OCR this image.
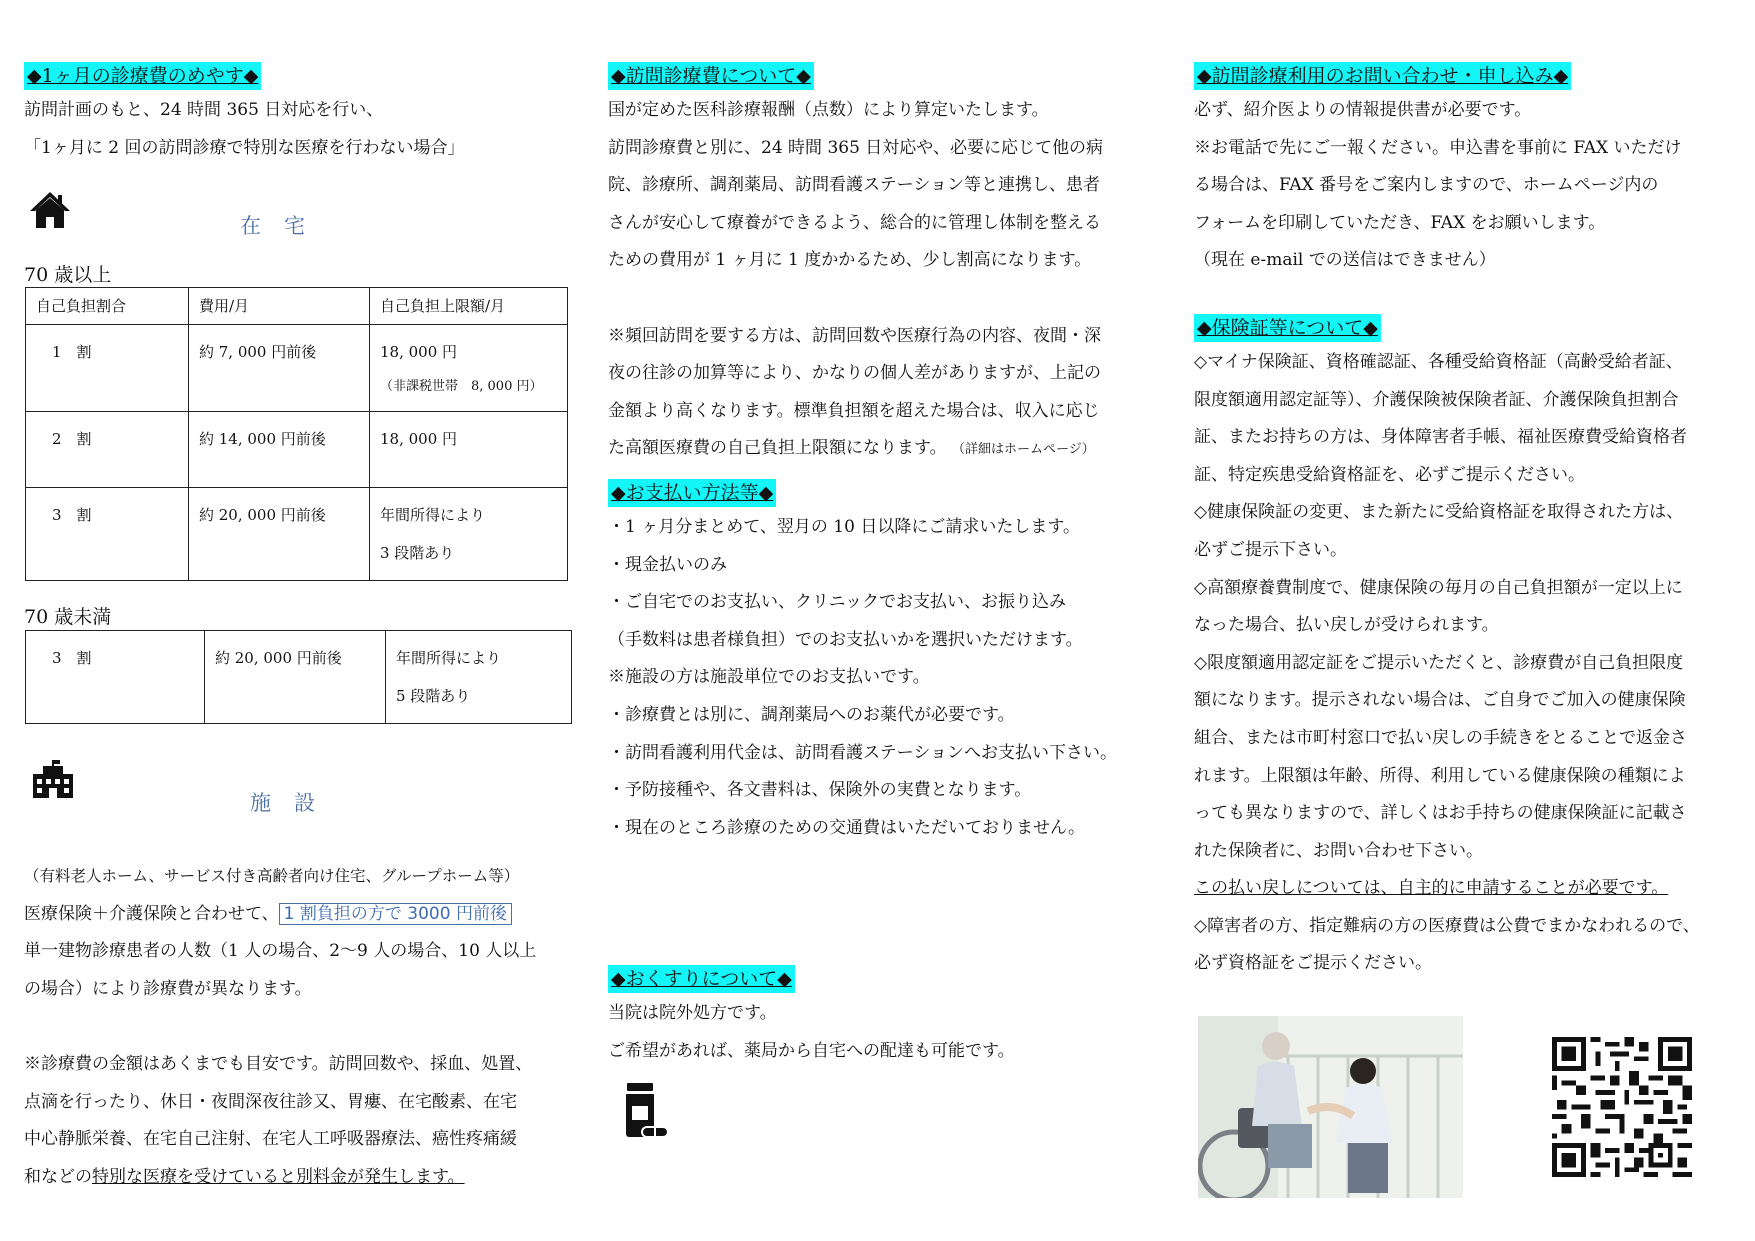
◆1ヶ月の診療費のめやす◆

訪問計画のもと、24 時間 365 日対応を行い、

「1ヶ月に 2 回の訪問診療で特別な医療を行わない場合」

在　宅
70 歳以上
自己負担割合	費用/月	自己負担上限額/月
1　割	約 7, 000 円前後	18, 000 円
（非課税世帯　8, 000 円）

2　割	約 14, 000 円前後	18, 000 円
3　割	約 20, 000 円前後	年間所得により
3 段階あり
70 歳未満
3　割	約 20, 000 円前後	年間所得により
5 段階あり
施　設

（有料老人ホーム、サービス付き高齢者向け住宅、グループホーム等）

医療保険＋介護保険と合わせて、 1 割負担の方で 3000 円前後

単一建物診療患者の人数（1 人の場合、2〜9 人の場合、10 人以上

の場合）により診療費が異なります。

※診療費の金額はあくまでも目安です。訪問回数や、採血、処置、

点滴を行ったり、休日・夜間深夜往診又、胃瘻、在宅酸素、在宅

中心静脈栄養、在宅自己注射、在宅人工呼吸器療法、癌性疼痛緩

和などの特別な医療を受けていると別料金が発生します。

◆訪問診療費について◆

国が定めた医科診療報酬（点数）により算定いたします。

訪問診療費と別に、24 時間 365 日対応や、必要に応じて他の病

院、診療所、調剤薬局、訪問看護ステーション等と連携し、患者

さんが安心して療養ができるよう、総合的に管理し体制を整える

ための費用が 1 ヶ月に 1 度かかるため、少し割高になります。

※頻回訪問を要する方は、訪問回数や医療行為の内容、夜間・深

夜の往診の加算等により、かなりの個人差がありますが、上記の

金額より高くなります。標準負担額を超えた場合は、収入に応じ

た高額医療費の自己負担上限額になります。 （詳細はホームページ）

◆お支払い方法等◆

・1 ヶ月分まとめて、翌月の 10 日以降にご請求いたします。

・現金払いのみ

・ご自宅でのお支払い、クリニックでお支払い、お振り込み

（手数料は患者様負担）でのお支払いかを選択いただけます。

※施設の方は施設単位でのお支払いです。

・診療費とは別に、調剤薬局へのお薬代が必要です。

・訪問看護利用代金は、訪問看護ステーションへお支払い下さい。

・予防接種や、各文書料は、保険外の実費となります。

・現在のところ診療のための交通費はいただいておりません。

◆おくすりについて◆

当院は院外処方です。

ご希望があれば、薬局から自宅への配達も可能です。

◆訪問診療利用のお問い合わせ・申し込み◆

必ず、紹介医よりの情報提供書が必要です。

※お電話で先にご一報ください。申込書を事前に FAX いただけ

る場合は、FAX 番号をご案内しますので、ホームページ内の

フォームを印刷していただき、FAX をお願いします。

（現在 e-mail での送信はできません）

◆保険証等について◆

◇マイナ保険証、資格確認証、各種受給資格証（高齢受給者証、

限度額適用認定証等）、介護保険被保険者証、介護保険負担割合

証、またお持ちの方は、身体障害者手帳、福祉医療費受給資格者

証、特定疾患受給資格証を、必ずご提示ください。

◇健康保険証の変更、また新たに受給資格証を取得された方は、

必ずご提示下さい。

◇高額療養費制度で、健康保険の毎月の自己負担額が一定以上に

なった場合、払い戻しが受けられます。

◇限度額適用認定証をご提示いただくと、診療費が自己負担限度

額になります。提示されない場合は、ご自身でご加入の健康保険

組合、または市町村窓口で払い戻しの手続きをとることで返金さ

れます。上限額は年齢、所得、利用している健康保険の種類によ

っても異なりますので、詳しくはお手持ちの健康保険証に記載さ

れた保険者に、お問い合わせ下さい。

この払い戻しについては、自主的に申請することが必要です。

◇障害者の方、指定難病の方の医療費は公費でまかなわれるので、

必ず資格証をご提示ください。
